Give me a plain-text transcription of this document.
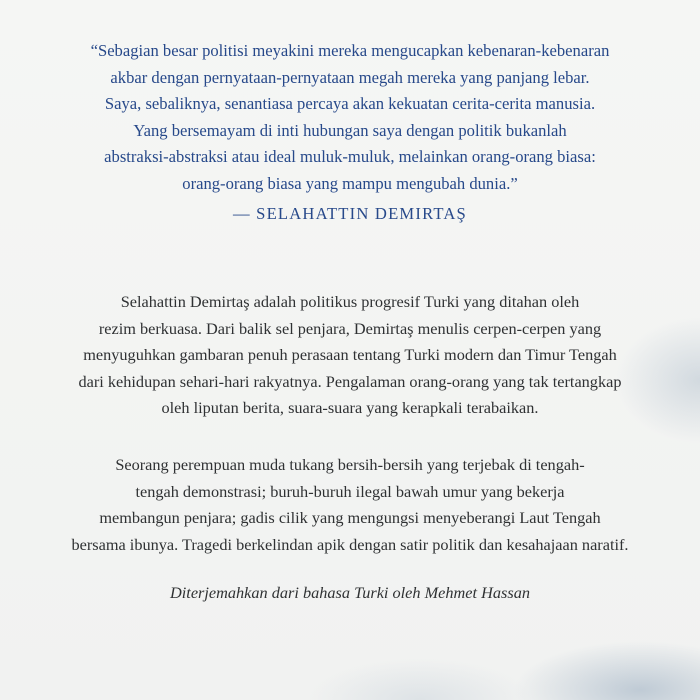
“Sebagian besar politisi meyakini mereka mengucapkan kebenaran-kebenaran
akbar dengan pernyataan-pernyataan megah mereka yang panjang lebar.
Saya, sebaliknya, senantiasa percaya akan kekuatan cerita-cerita manusia.
Yang bersemayam di inti hubungan saya dengan politik bukanlah
abstraksi-abstraksi atau ideal muluk-muluk, melainkan orang-orang biasa:
orang-orang biasa yang mampu mengubah dunia.”
— SELAHATTIN DEMIRTAŞ
Selahattin Demirtaş adalah politikus progresif Turki yang ditahan oleh
rezim berkuasa. Dari balik sel penjara, Demirtaş menulis cerpen-cerpen yang
menyuguhkan gambaran penuh perasaan tentang Turki modern dan Timur Tengah
dari kehidupan sehari-hari rakyatnya. Pengalaman orang-orang yang tak tertangkap
oleh liputan berita, suara-suara yang kerapkali terabaikan.
Seorang perempuan muda tukang bersih-bersih yang terjebak di tengah-
tengah demonstrasi; buruh-buruh ilegal bawah umur yang bekerja
membangun penjara; gadis cilik yang mengungsi menyeberangi Laut Tengah
bersama ibunya. Tragedi berkelindan apik dengan satir politik dan kesahajaan naratif.
Diterjemahkan dari bahasa Turki oleh Mehmet Hassan
